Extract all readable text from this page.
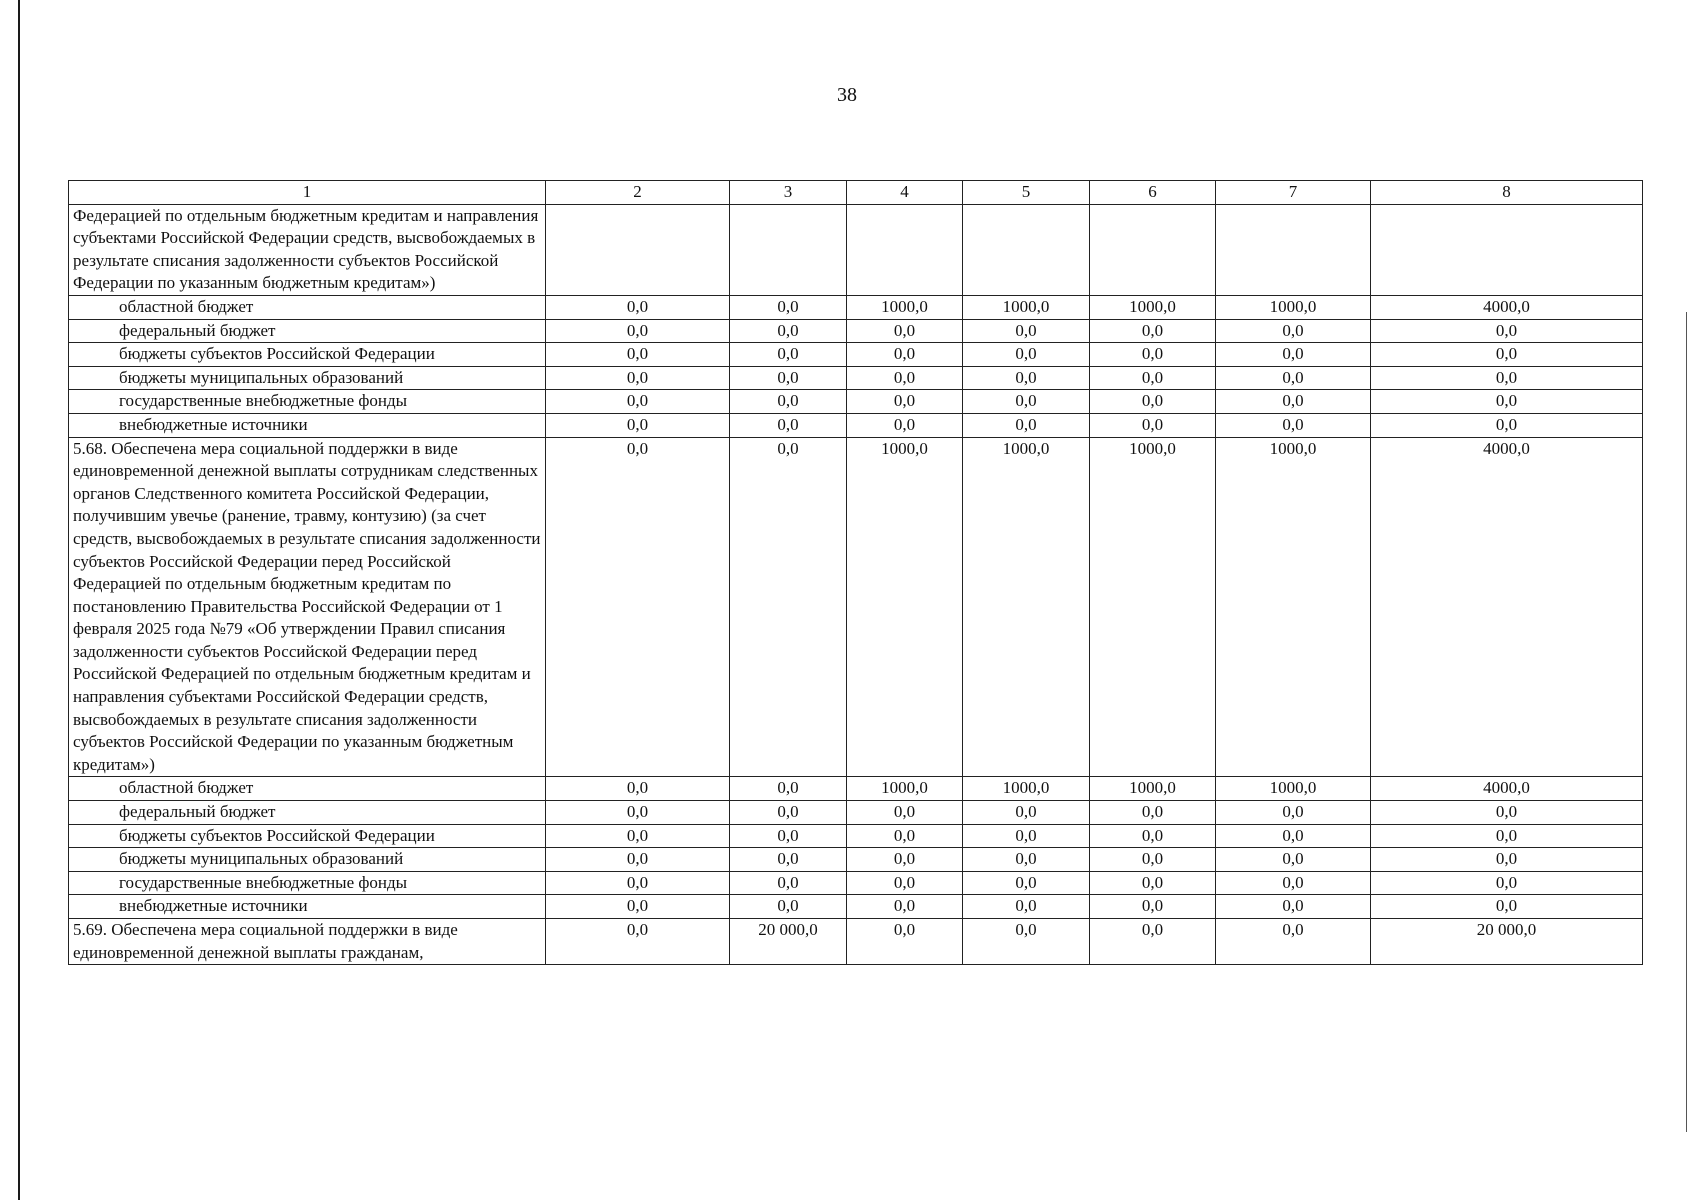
38
1	2	3	4	5	6	7	8
Федерацией по отдельным бюджетным кредитам и направления субъектами Российской Федерации средств, высвобождаемых в результате списания задолженности субъектов Российской Федерации по указанным бюджетным кредитам»)							
областной бюджет	0,0	0,0	1000,0	1000,0	1000,0	1000,0	4000,0
федеральный бюджет	0,0	0,0	0,0	0,0	0,0	0,0	0,0
бюджеты субъектов Российской Федерации	0,0	0,0	0,0	0,0	0,0	0,0	0,0
бюджеты муниципальных образований	0,0	0,0	0,0	0,0	0,0	0,0	0,0
государственные внебюджетные фонды	0,0	0,0	0,0	0,0	0,0	0,0	0,0
внебюджетные источники	0,0	0,0	0,0	0,0	0,0	0,0	0,0
5.68. Обеспечена мера социальной поддержки в виде единовременной денежной выплаты сотрудникам следственных органов Следственного комитета Российской Федерации, получившим увечье (ранение, травму, контузию) (за счет средств, высвобождаемых в результате списания задолженности субъектов Российской Федерации перед Российской Федерацией по отдельным бюджетным кредитам по постановлению Правительства Российской Федерации от 1 февраля 2025 года №79 «Об утверждении Правил списания задолженности субъектов Российской Федерации перед Российской Федерацией по отдельным бюджетным кредитам и направления субъектами Российской Федерации средств, высвобождаемых в результате списания задолженности субъектов Российской Федерации по указанным бюджетным кредитам»)	0,0	0,0	1000,0	1000,0	1000,0	1000,0	4000,0
областной бюджет	0,0	0,0	1000,0	1000,0	1000,0	1000,0	4000,0
федеральный бюджет	0,0	0,0	0,0	0,0	0,0	0,0	0,0
бюджеты субъектов Российской Федерации	0,0	0,0	0,0	0,0	0,0	0,0	0,0
бюджеты муниципальных образований	0,0	0,0	0,0	0,0	0,0	0,0	0,0
государственные внебюджетные фонды	0,0	0,0	0,0	0,0	0,0	0,0	0,0
внебюджетные источники	0,0	0,0	0,0	0,0	0,0	0,0	0,0
5.69. Обеспечена мера социальной поддержки в виде единовременной денежной выплаты гражданам,	0,0	20 000,0	0,0	0,0	0,0	0,0	20 000,0
